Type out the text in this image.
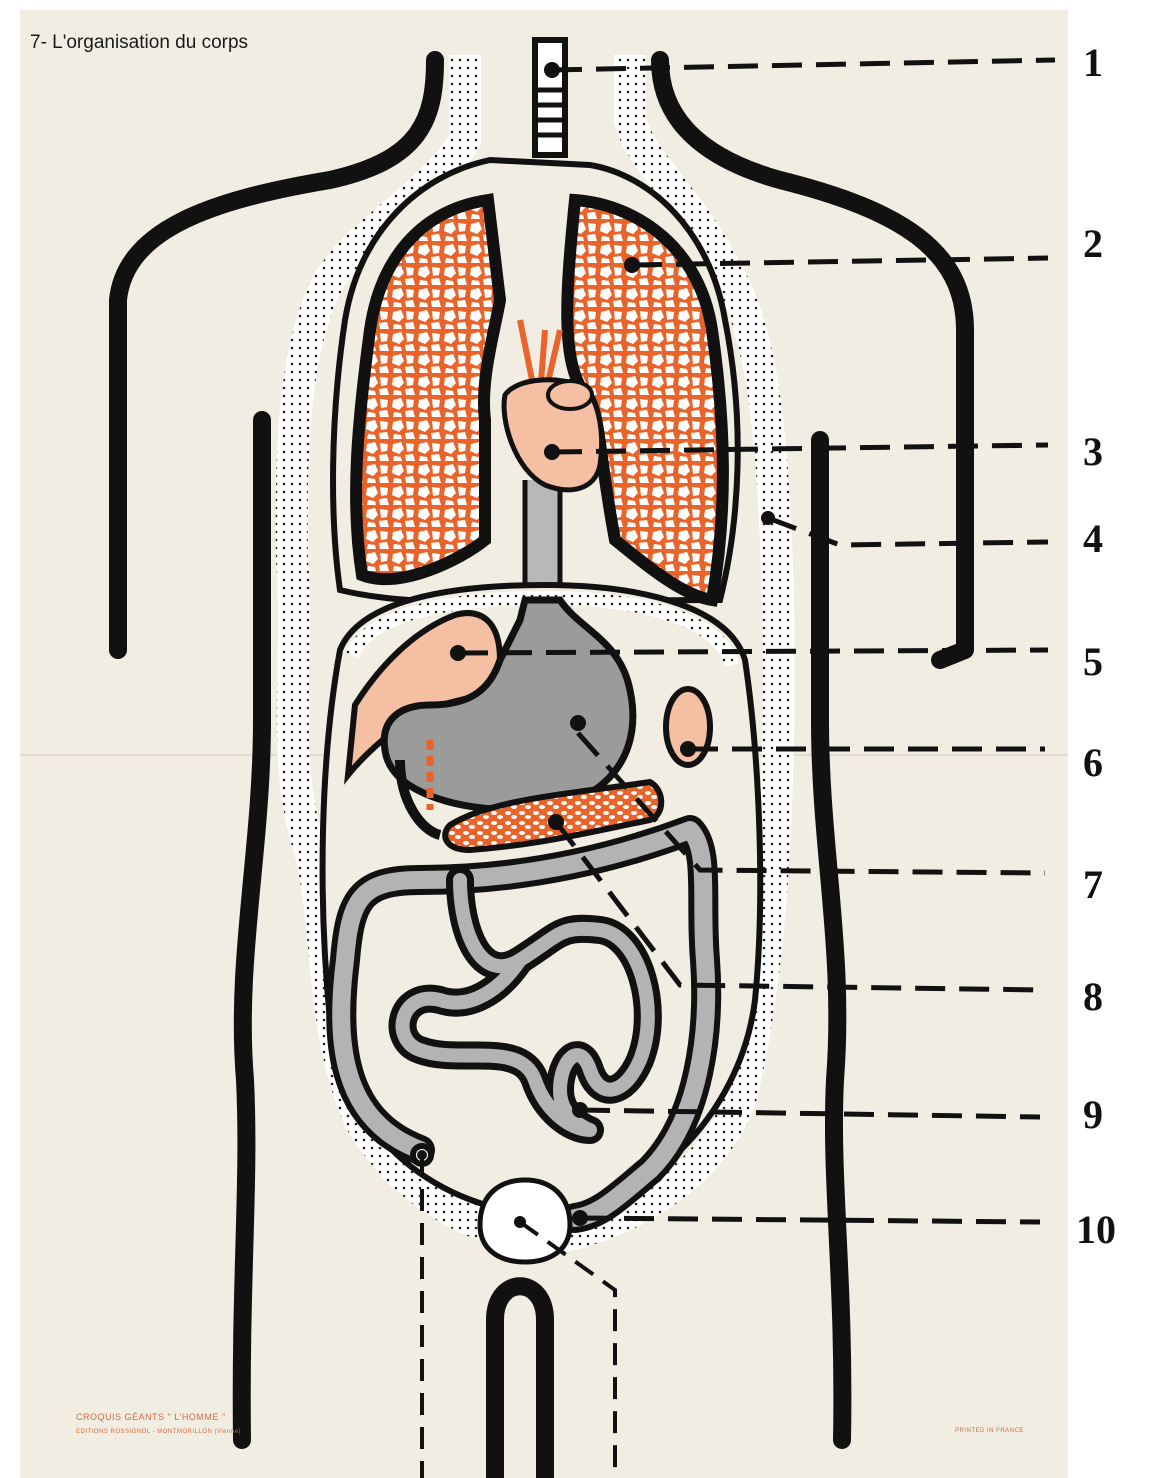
7- L'organisation du corps	1
2
3
4
5
6
7
8
9
10
CROQUIS GÉANTS " L'HOMME "
EDITIONS ROSSIGNOL - MONTMORILLON (Vienne)	PRINTED IN FRANCE
